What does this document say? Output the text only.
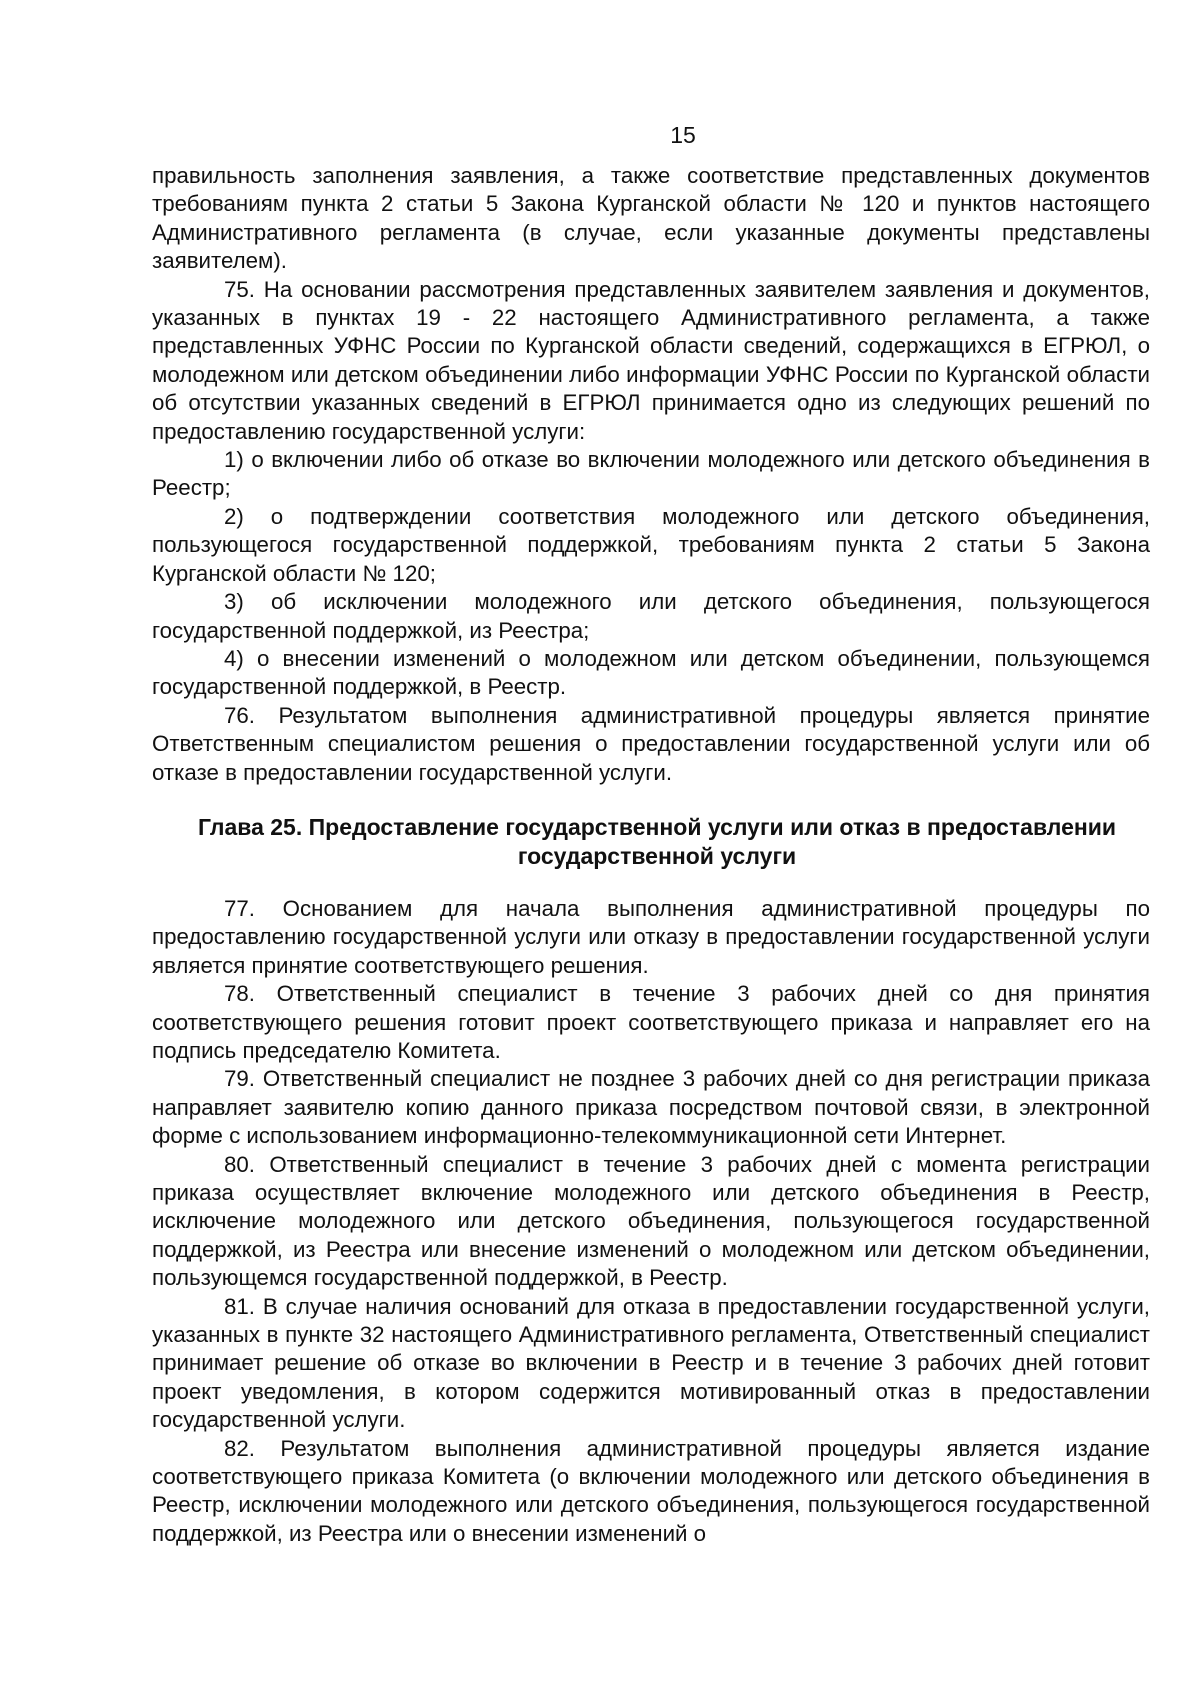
15

правильность заполнения заявления, а также соответствие представленных документов требованиям пункта 2 статьи 5 Закона Курганской области № 120 и пунктов настоящего Административного регламента (в случае, если указанные документы представлены заявителем).

75. На основании рассмотрения представленных заявителем заявления и документов, указанных в пунктах 19 - 22 настоящего Административного регламента, а также представленных УФНС России по Курганской области сведений, содержащихся в ЕГРЮЛ, о молодежном или детском объединении либо информации УФНС России по Курганской области об отсутствии указанных сведений в ЕГРЮЛ принимается одно из следующих решений по предоставлению государственной услуги:

1) о включении либо об отказе во включении молодежного или детского объединения в Реестр;

2) о подтверждении соответствия молодежного или детского объединения, пользующегося государственной поддержкой, требованиям пункта 2 статьи 5 Закона Курганской области № 120;

3) об исключении молодежного или детского объединения, пользующегося государственной поддержкой, из Реестра;

4) о внесении изменений о молодежном или детском объединении, пользующемся государственной поддержкой, в Реестр.

76. Результатом выполнения административной процедуры является принятие Ответственным специалистом решения о предоставлении государственной услуги или об отказе в предоставлении государственной услуги.

Глава 25. Предоставление государственной услуги или отказ в предоставлении
государственной услуги

77. Основанием для начала выполнения административной процедуры по предоставлению государственной услуги или отказу в предоставлении государственной услуги является принятие соответствующего решения.

78. Ответственный специалист в течение 3 рабочих дней со дня принятия соответствующего решения готовит проект соответствующего приказа и направляет его на подпись председателю Комитета.

79. Ответственный специалист не позднее 3 рабочих дней со дня регистрации приказа направляет заявителю копию данного приказа посредством почтовой связи, в электронной форме с использованием информационно-телекоммуникационной сети Интернет.

80. Ответственный специалист в течение 3 рабочих дней с момента регистрации приказа осуществляет включение молодежного или детского объединения в Реестр, исключение молодежного или детского объединения, пользующегося государственной поддержкой, из Реестра или внесение изменений о молодежном или детском объединении, пользующемся государственной поддержкой, в Реестр.

81. В случае наличия оснований для отказа в предоставлении государственной услуги, указанных в пункте 32 настоящего Административного регламента, Ответственный специалист принимает решение об отказе во включении в Реестр и в течение 3 рабочих дней готовит проект уведомления, в котором содержится мотивированный отказ в предоставлении государственной услуги.

82. Результатом выполнения административной процедуры является издание соответствующего приказа Комитета (о включении молодежного или детского объединения в Реестр, исключении молодежного или детского объединения, пользующегося государственной поддержкой, из Реестра или о внесении изменений о
